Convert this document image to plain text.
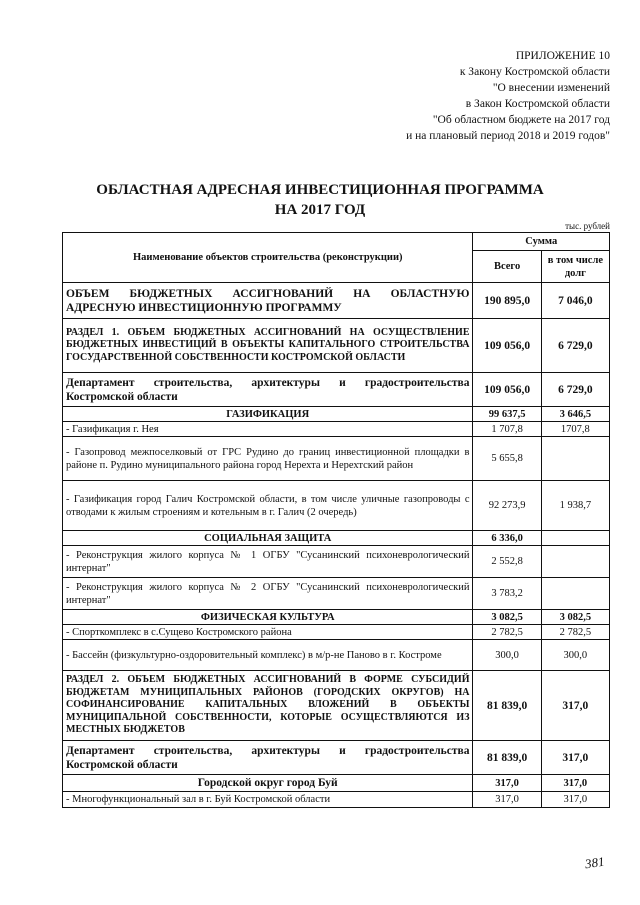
ПРИЛОЖЕНИЕ 10
к Закону Костромской области
"О внесении изменений
в Закон Костромской области
"Об областном бюджете на 2017 год
и на плановый период 2018 и 2019 годов"
ОБЛАСТНАЯ АДРЕСНАЯ ИНВЕСТИЦИОННАЯ ПРОГРАММА
НА 2017 ГОД
тыс. рублей
Наименование объектов строительства (реконструкции)	Сумма	
	Всего	в том числе долг
ОБЪЕМ БЮДЖЕТНЫХ АССИГНОВАНИЙ НА ОБЛАСТНУЮ АДРЕСНУЮ ИНВЕСТИЦИОННУЮ ПРОГРАММУ	190 895,0	7 046,0
РАЗДЕЛ 1. ОБЪЕМ БЮДЖЕТНЫХ АССИГНОВАНИЙ НА ОСУЩЕСТВЛЕНИЕ БЮДЖЕТНЫХ ИНВЕСТИЦИЙ В ОБЪЕКТЫ КАПИТАЛЬНОГО СТРОИТЕЛЬСТВА ГОСУДАРСТВЕННОЙ СОБСТВЕННОСТИ КОСТРОМСКОЙ ОБЛАСТИ	109 056,0	6 729,0
Департамент строительства, архитектуры и градостроительства Костромской области	109 056,0	6 729,0
ГАЗИФИКАЦИЯ	99 637,5	3 646,5
- Газификация г. Нея	1 707,8	1707,8
- Газопровод межпоселковый от ГРС Рудино до границ инвестиционной площадки в районе п. Рудино муниципального района город Нерехта и Нерехтский район	5 655,8	
- Газификация город Галич Костромской области, в том числе уличные газопроводы с отводами к жилым строениям и котельным в г. Галич (2 очередь)	92 273,9	1 938,7
СОЦИАЛЬНАЯ ЗАЩИТА	6 336,0	
- Реконструкция жилого корпуса № 1 ОГБУ "Сусанинский психоневрологический интернат"	2 552,8	
- Реконструкция жилого корпуса № 2 ОГБУ "Сусанинский психоневрологический интернат"	3 783,2	
ФИЗИЧЕСКАЯ КУЛЬТУРА	3 082,5	3 082,5
- Спорткомплекс в с.Сущево Костромского района	2 782,5	2 782,5
- Бассейн (физкультурно-оздоровительный комплекс) в м/р-не Паново в г. Костроме	300,0	300,0
РАЗДЕЛ 2. ОБЪЕМ БЮДЖЕТНЫХ АССИГНОВАНИЙ В ФОРМЕ СУБСИДИЙ БЮДЖЕТАМ МУНИЦИПАЛЬНЫХ РАЙОНОВ (ГОРОДСКИХ ОКРУГОВ) НА СОФИНАНСИРОВАНИЕ КАПИТАЛЬНЫХ ВЛОЖЕНИЙ В ОБЪЕКТЫ МУНИЦИПАЛЬНОЙ СОБСТВЕННОСТИ, КОТОРЫЕ ОСУЩЕСТВЛЯЮТСЯ ИЗ МЕСТНЫХ БЮДЖЕТОВ	81 839,0	317,0
Департамент строительства, архитектуры и градостроительства Костромской области	81 839,0	317,0
Городской округ город Буй	317,0	317,0
- Многофункциональный зал в г. Буй Костромской области	317,0	317,0
381
